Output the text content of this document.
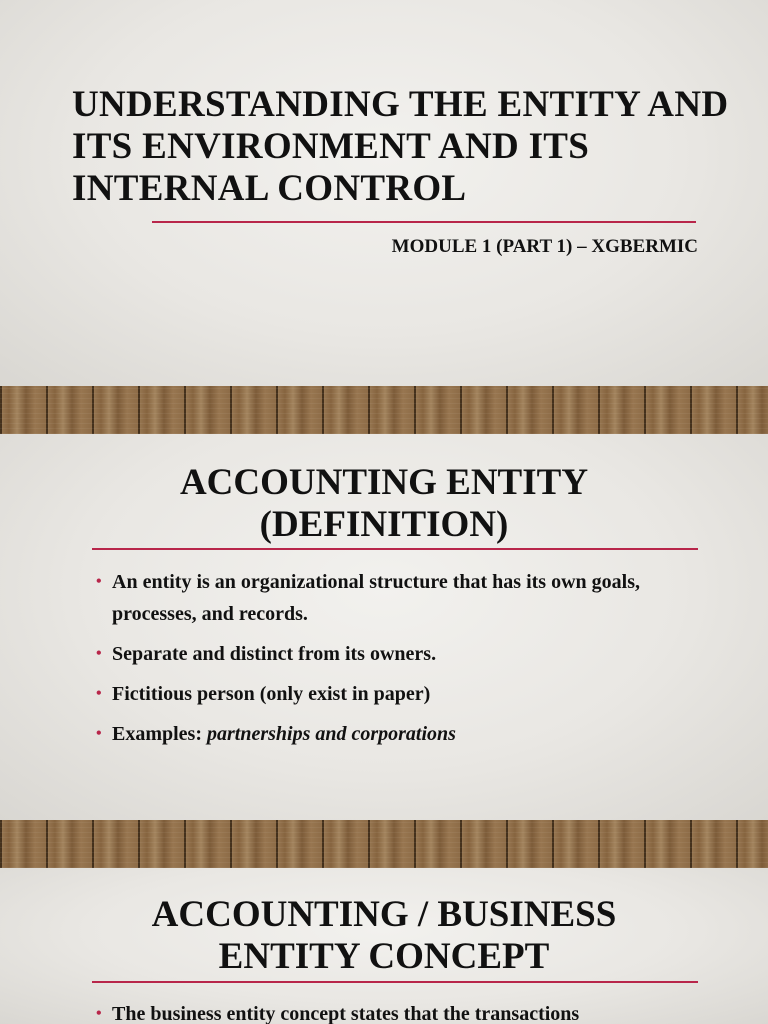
UNDERSTANDING THE ENTITY AND ITS ENVIRONMENT AND ITS INTERNAL CONTROL

MODULE 1 (PART 1) – XGBERMIC

ACCOUNTING ENTITY
(DEFINITION)
• An entity is an organizational structure that has its own goals, processes, and records.
• Separate and distinct from its owners.
• Fictitious person (only exist in paper)
• Examples: partnerships and corporations
ACCOUNTING / BUSINESS
ENTITY CONCEPT
• The business entity concept states that the transactions
